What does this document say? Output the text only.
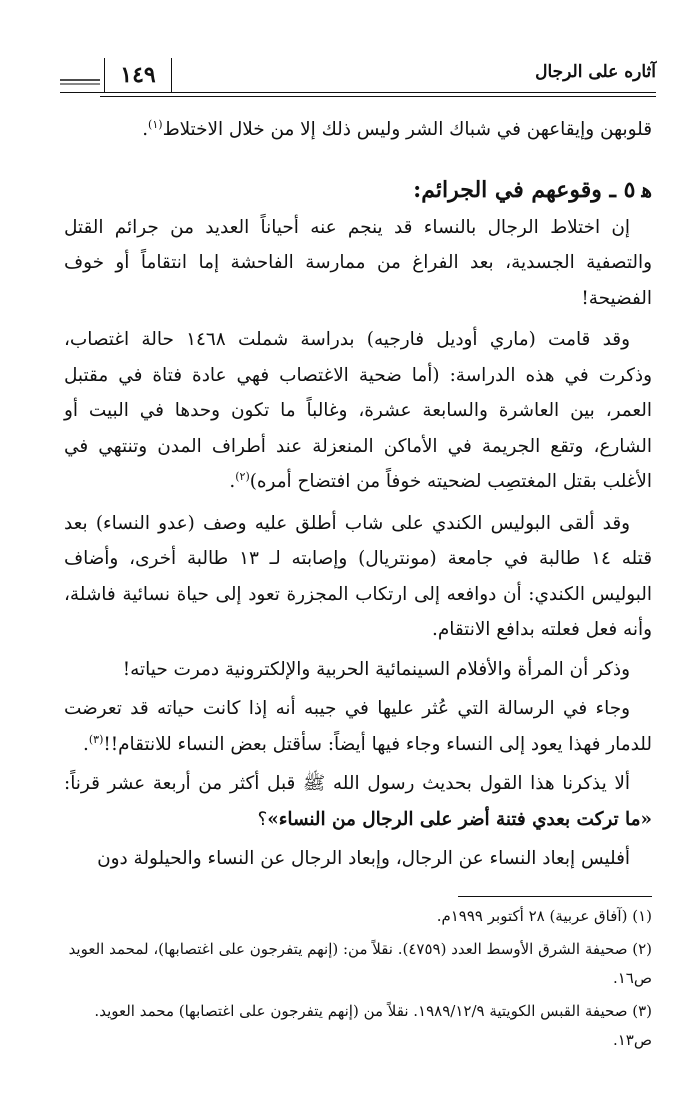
آثاره على الرجال
١٤٩

قلوبهن وإيقاعهن في شباك الشر وليس ذلك إلا من خلال الاختلاط$^{(١)}$.

ﻫ٥ ـ وقوعهم في الجرائم:

إن اختلاط الرجال بالنساء قد ينجم عنه أحياناً العديد من جرائم القتل والتصفية الجسدية، بعد الفراغ من ممارسة الفاحشة إما انتقاماً أو خوف الفضيحة!

وقد قامت (ماري أوديل فارجيه) بدراسة شملت ١٤٦٨ حالة اغتصاب، وذكرت في هذه الدراسة: (أما ضحية الاغتصاب فهي عادة فتاة في مقتبل العمر، بين العاشرة والسابعة عشرة، وغالباً ما تكون وحدها في البيت أو الشارع، وتقع الجريمة في الأماكن المنعزلة عند أطراف المدن وتنتهي في الأغلب بقتل المغتصِب لضحيته خوفاً من افتضاح أمره)$^{(٢)}$.

وقد ألقى البوليس الكندي على شاب أطلق عليه وصف (عدو النساء) بعد قتله ١٤ طالبة في جامعة (مونتريال) وإصابته لـ ١٣ طالبة أخرى، وأضاف البوليس الكندي: أن دوافعه إلى ارتكاب المجزرة تعود إلى حياة نسائية فاشلة، وأنه فعل فعلته بدافع الانتقام.

وذكر أن المرأة والأفلام السينمائية الحربية والإلكترونية دمرت حياته!

وجاء في الرسالة التي عُثر عليها في جيبه أنه إذا كانت حياته قد تعرضت للدمار فهذا يعود إلى النساء وجاء فيها أيضاً: سأقتل بعض النساء للانتقام!!$^{(٣)}$.

ألا يذكرنا هذا القول بحديث رسول الله ﷺ قبل أكثر من أربعة عشر قرناً: «ما تركت بعدي فتنة أضر على الرجال من النساء»؟

أفليس إبعاد النساء عن الرجال، وإبعاد الرجال عن النساء والحيلولة دون

(١) (آفاق عربية) ٢٨ أكتوبر ١٩٩٩م.

(٢) صحيفة الشرق الأوسط العدد (٤٧٥٩). نقلاً من: (إنهم يتفرجون على اغتصابها)، لمحمد العويد ص١٦.

(٣) صحيفة القبس الكويتية ١٩٨٩/١٢/٩. نقلاً من (إنهم يتفرجون على اغتصابها) محمد العويد. ص١٣.
